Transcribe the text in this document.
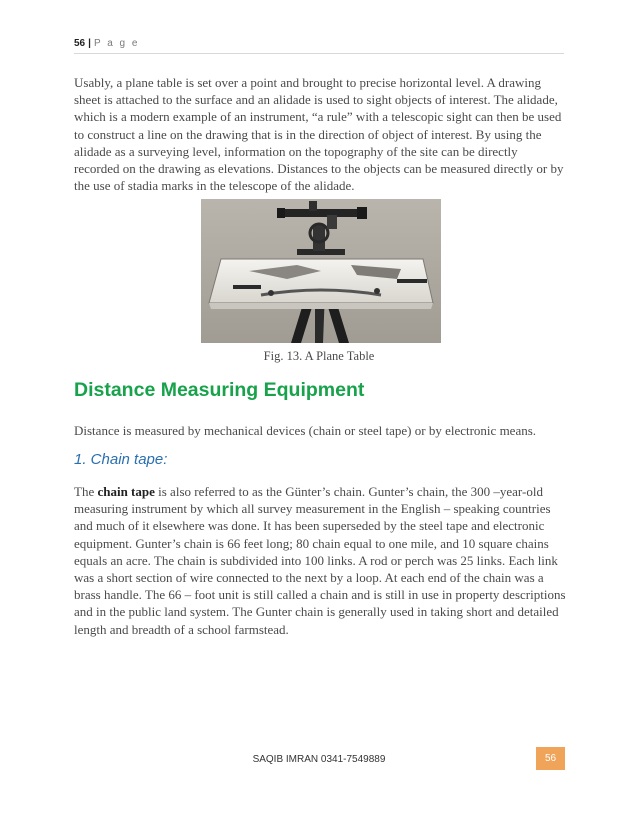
56 | P a g e

Usably, a plane table is set over a point and brought to precise horizontal level. A drawing sheet is attached to the surface and an alidade is used to sight objects of interest. The alidade, which is a modern example of an instrument, “a rule” with a telescopic sight can then be used to construct a line on the drawing that is in the direction of object of interest. By using the alidade as a surveying level, information on the topography of the site can be directly recorded on the drawing as elevations. Distances to the objects can be measured directly or by the use of stadia marks in the telescope of the alidade.

Fig. 13. A Plane Table
Distance Measuring Equipment

Distance is measured by mechanical devices (chain or steel tape) or by electronic means.

1. Chain tape:

The chain tape is also referred to as the Günter’s chain. Gunter’s chain, the 300 –year-old measuring instrument by which all survey measurement in the English – speaking countries and much of it elsewhere was done. It has been superseded by the steel tape and electronic equipment. Gunter’s chain is 66 feet long; 80 chain equal to one mile, and 10 square chains equals an acre. The chain is subdivided into 100 links. A rod or perch was 25 links. Each link was a short section of wire connected to the next by a loop. At each end of the chain was a brass handle. The 66 – foot unit is still called a chain and is still in use in property descriptions and in the public land system. The Gunter chain is generally used in taking short and detailed length and breadth of a school farmstead.

SAQIB IMRAN 0341-7549889	56
